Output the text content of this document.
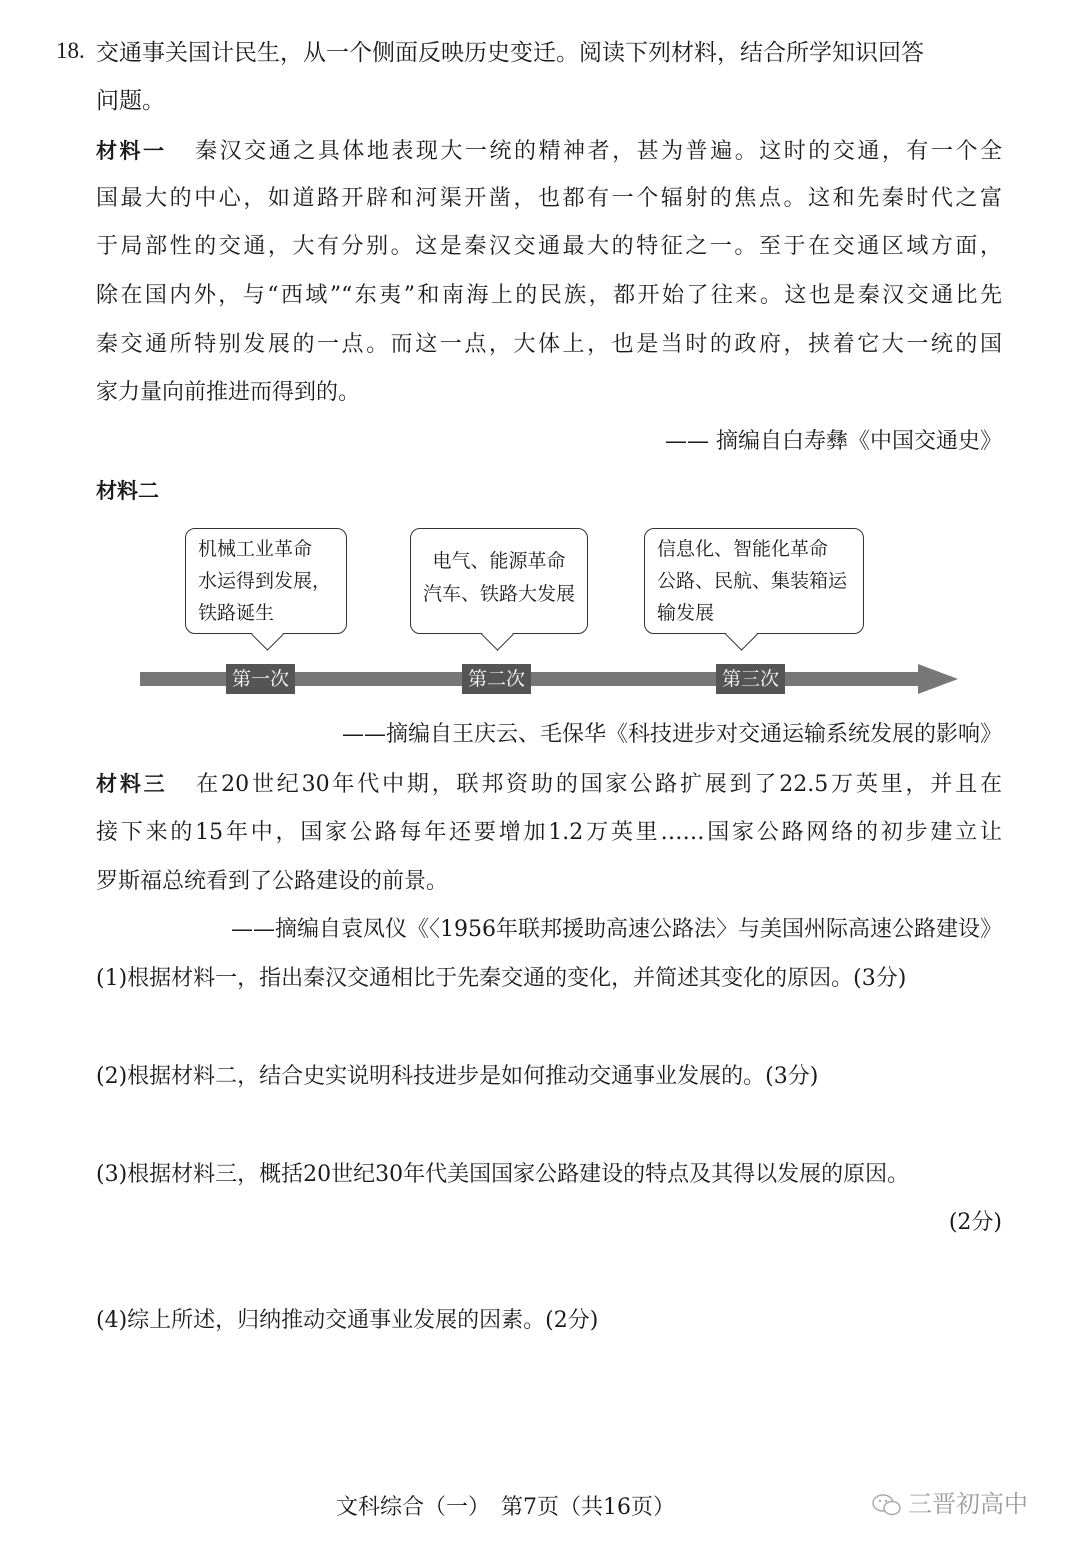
18. 交通事关国计民生，从一个侧面反映历史变迁。阅读下列材料，结合所学知识回答
问题。
材料一 秦汉交通之具体地表现大一统的精神者，甚为普遍。这时的交通，有一个全
国最大的中心，如道路开辟和河渠开凿，也都有一个辐射的焦点。这和先秦时代之富
于局部性的交通，大有分别。这是秦汉交通最大的特征之一。至于在交通区域方面，
除在国内外，与“西域”“东夷”和南海上的民族，都开始了往来。这也是秦汉交通比先
秦交通所特别发展的一点。而这一点，大体上，也是当时的政府，挟着它大一统的国
家力量向前推进而得到的。
—— 摘编自白寿彝《中国交通史》
材料二
机械工业革命
水运得到发展，
铁路诞生
电气、能源革命
汽车、铁路大发展
信息化、智能化革命
公路、民航、集装箱运
输发展
第一次	第二次	第三次
——摘编自王庆云、毛保华《科技进步对交通运输系统发展的影响》
材料三 在20世纪30年代中期，联邦资助的国家公路扩展到了22.5万英里，并且在
接下来的15年中，国家公路每年还要增加1.2万英里……国家公路网络的初步建立让
罗斯福总统看到了公路建设的前景。
——摘编自袁凤仪《〈1956年联邦援助高速公路法〉与美国州际高速公路建设》
(1)根据材料一，指出秦汉交通相比于先秦交通的变化，并简述其变化的原因。(3分)
(2)根据材料二，结合史实说明科技进步是如何推动交通事业发展的。(3分)
(3)根据材料三，概括20世纪30年代美国国家公路建设的特点及其得以发展的原因。
(2分)
(4)综上所述，归纳推动交通事业发展的因素。(2分)
文科综合（一）　第7页（共16页）	三晋初高中
